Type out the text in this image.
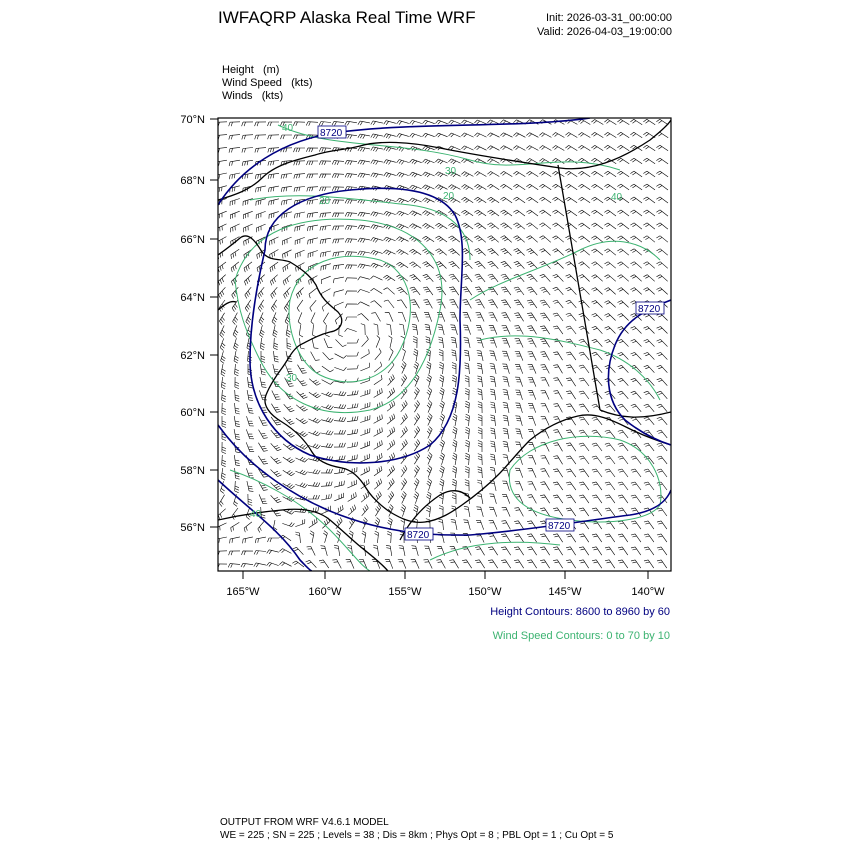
IWFAQRP Alaska Real Time WRF	Init: 2026-03-31_00:00:00
Valid: 2026-04-03_19:00:00
Height (m)
Wind Speed (kts)
Winds (kts)
8720
8720
8720
8720
40
30
20	20
30
40
40
70°N
68°N
66°N
64°N
62°N
60°N
58°N
56°N
165°W	160°W	155°W	150°W	145°W	140°W
Height Contours: 8600 to 8960 by 60
Wind Speed Contours: 0 to 70 by 10
OUTPUT FROM WRF V4.6.1 MODEL
WE = 225 ; SN = 225 ; Levels = 38 ; Dis = 8km ; Phys Opt = 8 ; PBL Opt = 1 ; Cu Opt = 5
